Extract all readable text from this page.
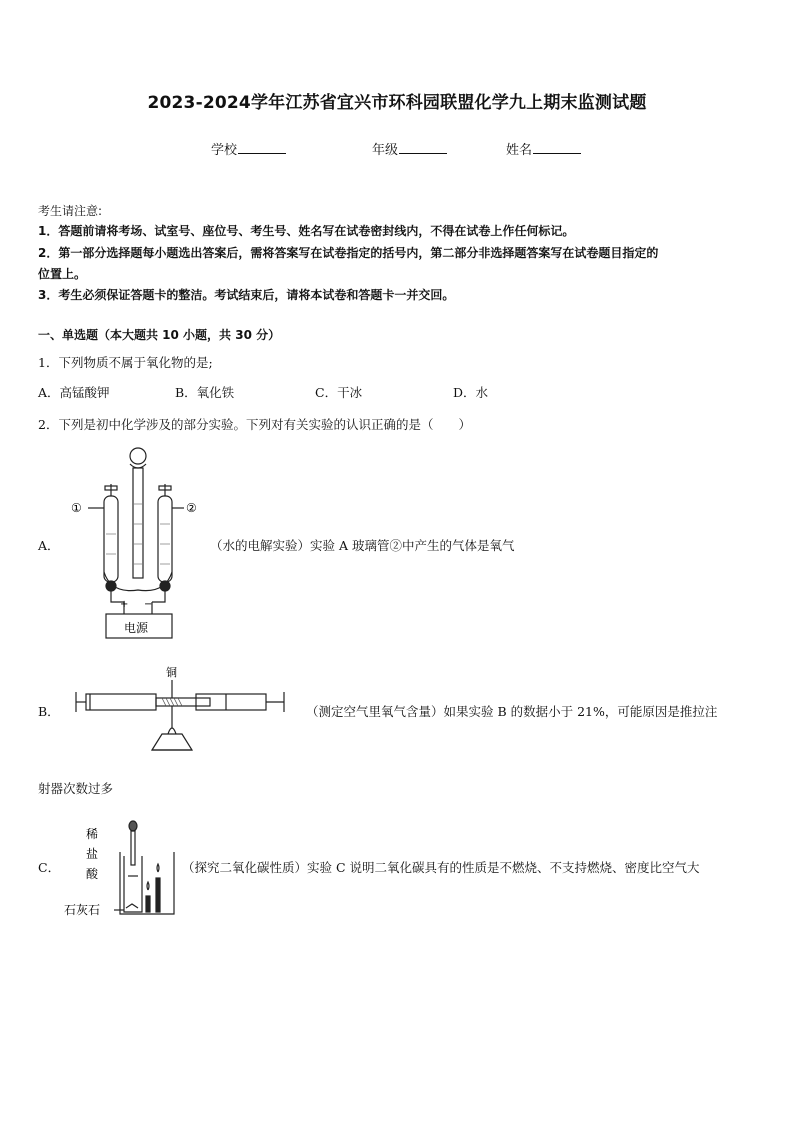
2023-2024学年江苏省宜兴市环科园联盟化学九上期末监测试题
学校	年级	姓名
考生请注意:
1．答题前请将考场、试室号、座位号、考生号、姓名写在试卷密封线内，不得在试卷上作任何标记。
2．第一部分选择题每小题选出答案后，需将答案写在试卷指定的括号内，第二部分非选择题答案写在试卷题目指定的
位置上。
3．考生必须保证答题卡的整洁。考试结束后，请将本试卷和答题卡一并交回。
一、单选题（本大题共 10 小题，共 30 分）
1．下列物质不属于氧化物的是;
A．高锰酸钾	B．氧化铁	C．干冰	D．水
2．下列是初中化学涉及的部分实验。下列对有关实验的认识正确的是（　　）
A．
①	②
+ −
电源
（水的电解实验）实验 A 玻璃管②中产生的气体是氧气
B．
铜
（测定空气里氧气含量）如果实验 B 的数据小于 21%，可能原因是推拉注
射器次数过多
C．
稀
盐
酸
石灰石
（探究二氧化碳性质）实验 C 说明二氧化碳具有的性质是不燃烧、不支持燃烧、密度比空气大
